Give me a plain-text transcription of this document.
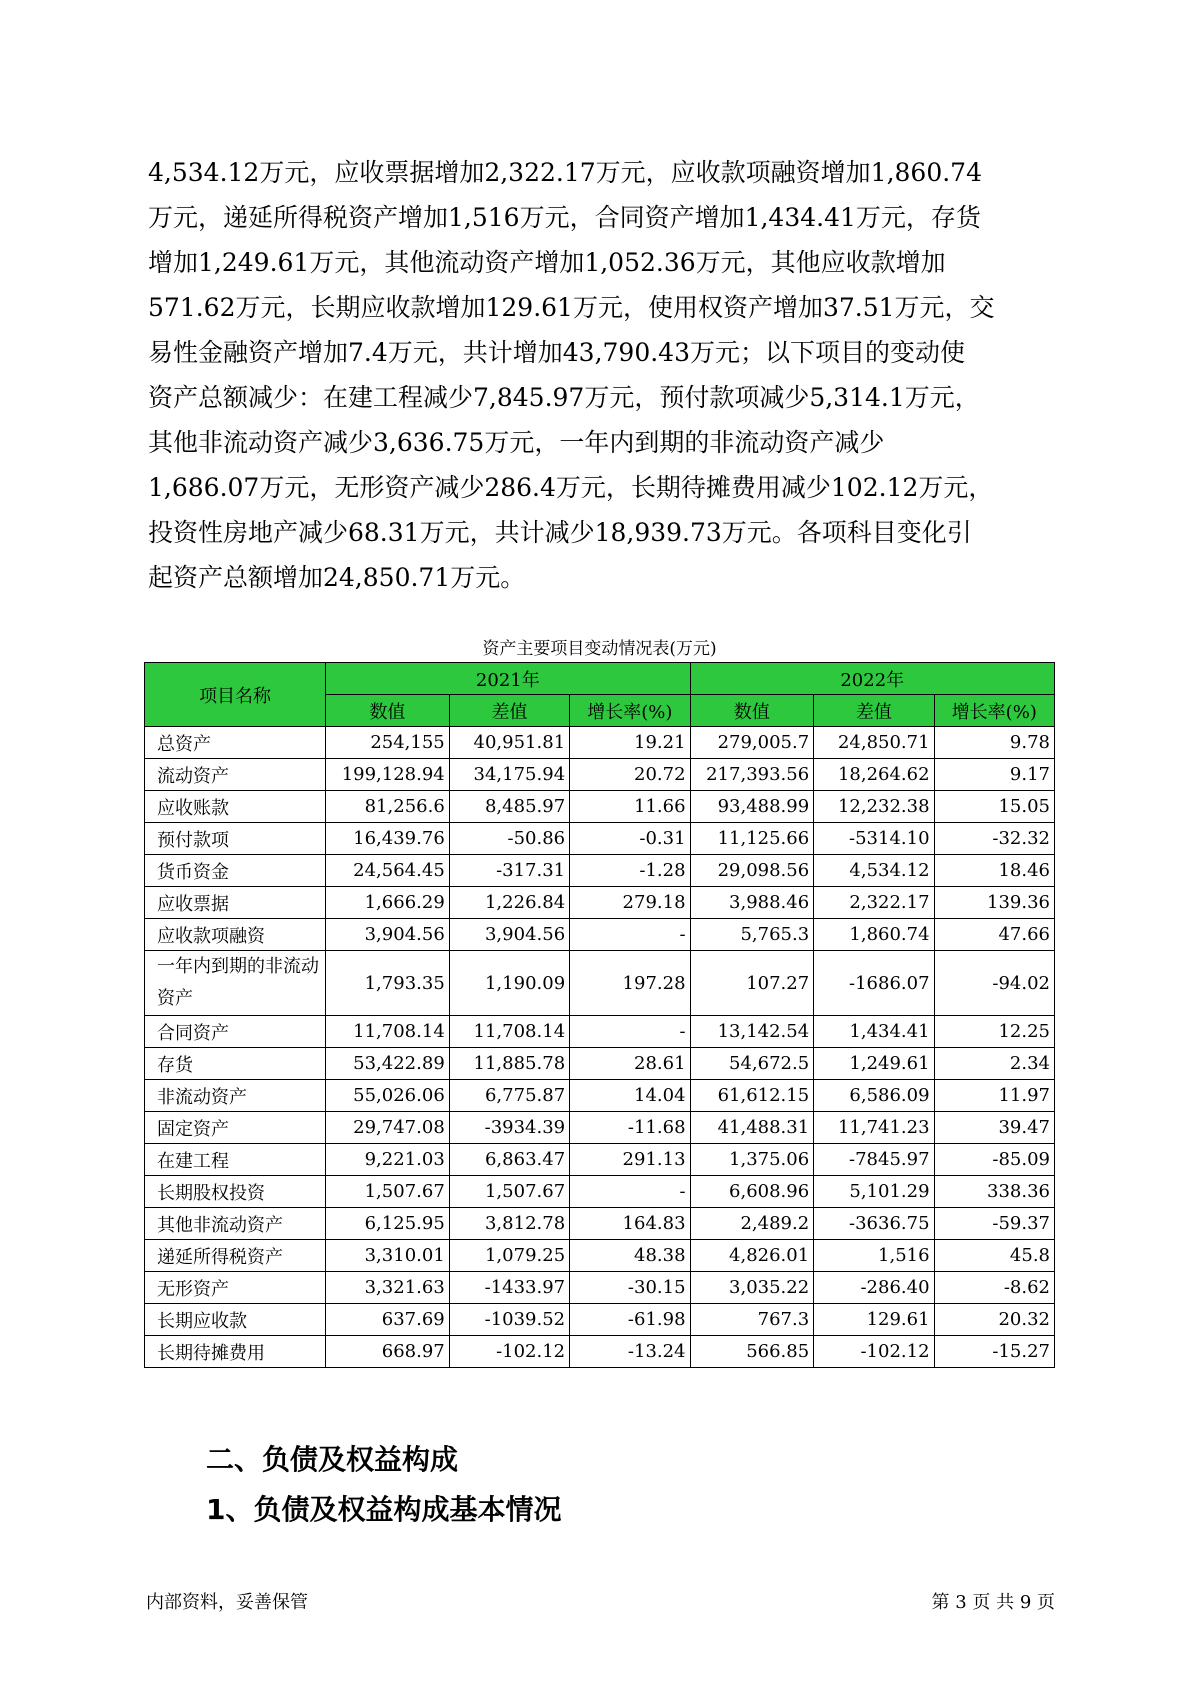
4,534.12万元，应收票据增加2,322.17万元，应收款项融资增加1,860.74
万元，递延所得税资产增加1,516万元，合同资产增加1,434.41万元，存货
增加1,249.61万元，其他流动资产增加1,052.36万元，其他应收款增加
571.62万元，长期应收款增加129.61万元，使用权资产增加37.51万元，交
易性金融资产增加7.4万元，共计增加43,790.43万元；以下项目的变动使
资产总额减少：在建工程减少7,845.97万元，预付款项减少5,314.1万元，
其他非流动资产减少3,636.75万元，一年内到期的非流动资产减少
1,686.07万元，无形资产减少286.4万元，长期待摊费用减少102.12万元，
投资性房地产减少68.31万元，共计减少18,939.73万元。各项科目变化引
起资产总额增加24,850.71万元。
资产主要项目变动情况表(万元)
项目名称	2021年			2022年		
	数值	差值	增长率(%)	数值	差值	增长率(%)
总资产	254,155	40,951.81	19.21	279,005.7	24,850.71	9.78
流动资产	199,128.94	34,175.94	20.72	217,393.56	18,264.62	9.17
应收账款	81,256.6	8,485.97	11.66	93,488.99	12,232.38	15.05
预付款项	16,439.76	-50.86	-0.31	11,125.66	-5314.10	-32.32
货币资金	24,564.45	-317.31	-1.28	29,098.56	4,534.12	18.46
应收票据	1,666.29	1,226.84	279.18	3,988.46	2,322.17	139.36
应收款项融资	3,904.56	3,904.56	-	5,765.3	1,860.74	47.66
一年内到期的非流动资产	1,793.35	1,190.09	197.28	107.27	-1686.07	-94.02
合同资产	11,708.14	11,708.14	-	13,142.54	1,434.41	12.25
存货	53,422.89	11,885.78	28.61	54,672.5	1,249.61	2.34
非流动资产	55,026.06	6,775.87	14.04	61,612.15	6,586.09	11.97
固定资产	29,747.08	-3934.39	-11.68	41,488.31	11,741.23	39.47
在建工程	9,221.03	6,863.47	291.13	1,375.06	-7845.97	-85.09
长期股权投资	1,507.67	1,507.67	-	6,608.96	5,101.29	338.36
其他非流动资产	6,125.95	3,812.78	164.83	2,489.2	-3636.75	-59.37
递延所得税资产	3,310.01	1,079.25	48.38	4,826.01	1,516	45.8
无形资产	3,321.63	-1433.97	-30.15	3,035.22	-286.40	-8.62
长期应收款	637.69	-1039.52	-61.98	767.3	129.61	20.32
长期待摊费用	668.97	-102.12	-13.24	566.85	-102.12	-15.27
二、负债及权益构成
1、负债及权益构成基本情况
内部资料，妥善保管	第 3 页 共 9 页
